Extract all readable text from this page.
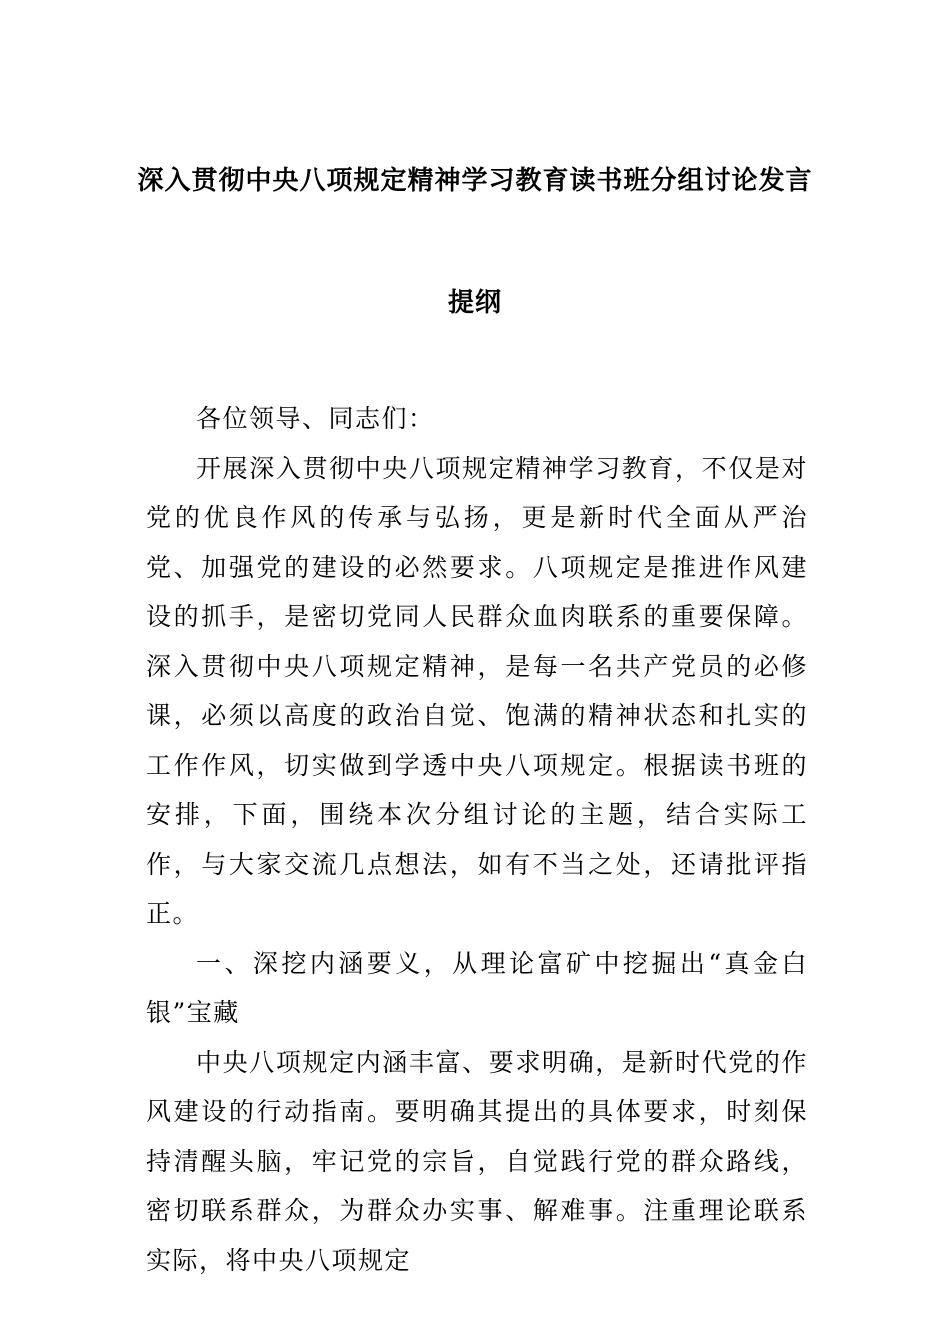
深入贯彻中央八项规定精神学习教育读书班分组讨论发言
提纲

各位领导、同志们：

开展深入贯彻中央八项规定精神学习教育，不仅是对党的优良作风的传承与弘扬，更是新时代全面从严治党、加强党的建设的必然要求。八项规定是推进作风建设的抓手，是密切党同人民群众血肉联系的重要保障。深入贯彻中央八项规定精神，是每一名共产党员的必修课，必须以高度的政治自觉、饱满的精神状态和扎实的工作作风，切实做到学透中央八项规定。根据读书班的安排，下面，围绕本次分组讨论的主题，结合实际工作，与大家交流几点想法，如有不当之处，还请批评指正。

一、深挖内涵要义，从理论富矿中挖掘出“真金白银”宝藏

中央八项规定内涵丰富、要求明确，是新时代党的作风建设的行动指南。要明确其提出的具体要求，时刻保持清醒头脑，牢记党的宗旨，自觉践行党的群众路线，密切联系群众，为群众办实事、解难事。注重理论联系实际，将中央八项规定
